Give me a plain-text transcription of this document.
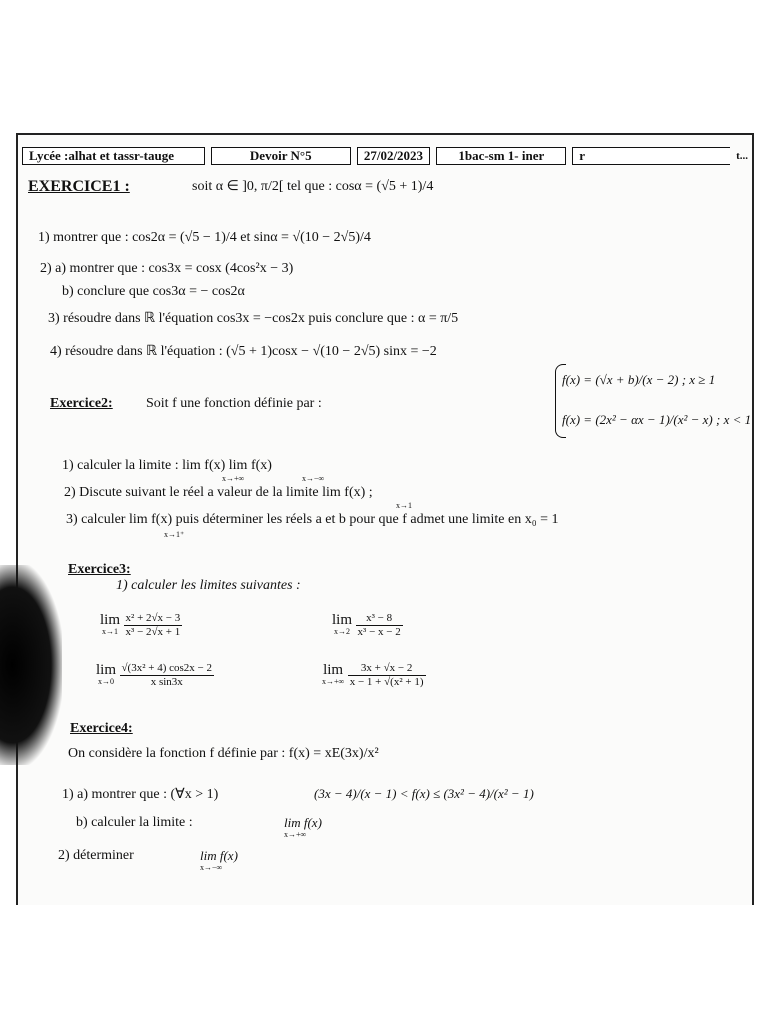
Lycée :alhat et tassr-tauge	Devoir N°5	27/02/2023	1bac-sm 1- iner	r	t...
EXERCICE1 :	soit α ∈ ]0, π/2[ tel que : cosα = (√5 + 1)/4
1) montrer que : cos2α = (√5 − 1)/4 et sinα = √(10 − 2√5)/4
2) a) montrer que : cos3x = cosx (4cos²x − 3)
b) conclure que cos3α = − cos2α
3) résoudre dans ℝ l'équation cos3x = −cos2x puis conclure que : α = π/5
4) résoudre dans ℝ l'équation : (√5 + 1)cosx − √(10 − 2√5) sinx = −2
Exercice2: Soit f une fonction définie par :
f(x) = (√x + b)/(x − 2) ; x ≥ 1
f(x) = (2x² − αx − 1)/(x² − x) ; x < 1
1) calculer la limite : lim f(x) lim f(x)
x→+∞	x→−∞
2) Discute suivant le réel a valeur de la limite lim f(x) ;
x→1
3) calculer lim f(x) puis déterminer les réels a et b pour que f admet une limite en x₀ = 1
x→1⁺
Exercice3:
1) calculer les limites suivantes :
lim
x→1
$\frac{\text{x² + 2√x − 3}}{\text{x³ − 2√x + 1}}$	lim
x→2
$\frac{\text{x³ − 8}}{\text{x³ − x − 2}}$
lim
x→0
$\frac{\text{√(3x² + 4) cos2x − 2}}{\text{x sin3x}}$	lim
x→+∞
$\frac{3x + √x - 2}{\text{x − 1 + √(x² + 1)}}$
Exercice4:
On considère la fonction f définie par : f(x) = xE(3x)/x²
1) a) montrer que : (∀x > 1)	(3x − 4)/(x − 1) < f(x) ≤ (3x² − 4)/(x² − 1)
b) calculer la limite :	lim f(x)
x→+∞
2) déterminer	lim f(x)
x→−∞
